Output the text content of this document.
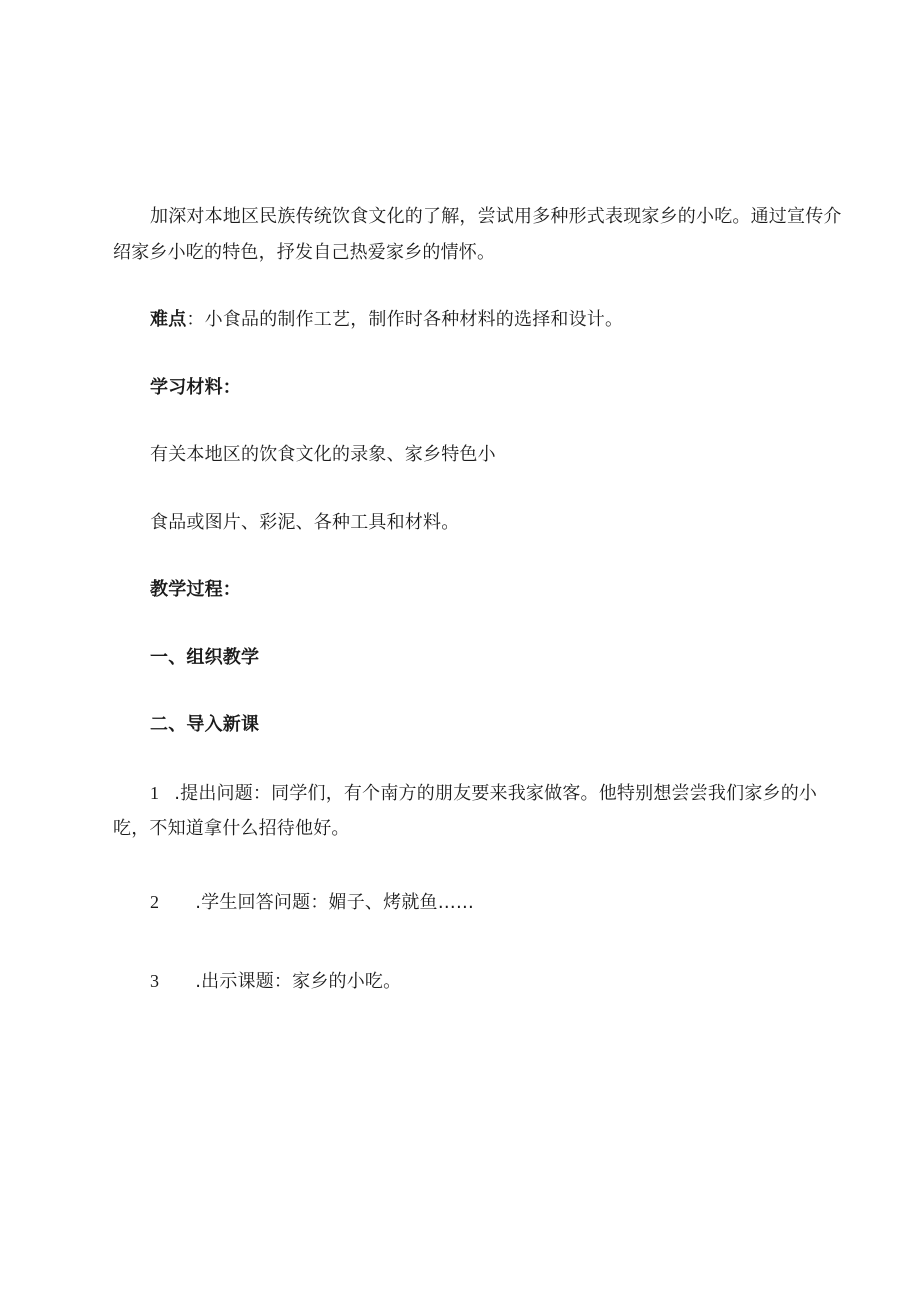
加深对本地区民族传统饮食文化的了解，尝试用多种形式表现家乡的小吃。通过宣传介
绍家乡小吃的特色，抒发自己热爱家乡的情怀。
难点：小食品的制作工艺，制作时各种材料的选择和设计。
学习材料：
有关本地区的饮食文化的录象、家乡特色小
食品或图片、彩泥、各种工具和材料。
教学过程：
一、组织教学
二、导入新课
1 .提出问题：同学们，有个南方的朋友要来我家做客。他特别想尝尝我们家乡的小
吃，不知道拿什么招待他好。
2 .学生回答问题：媚子、烤就鱼……
3 .出示课题：家乡的小吃。
